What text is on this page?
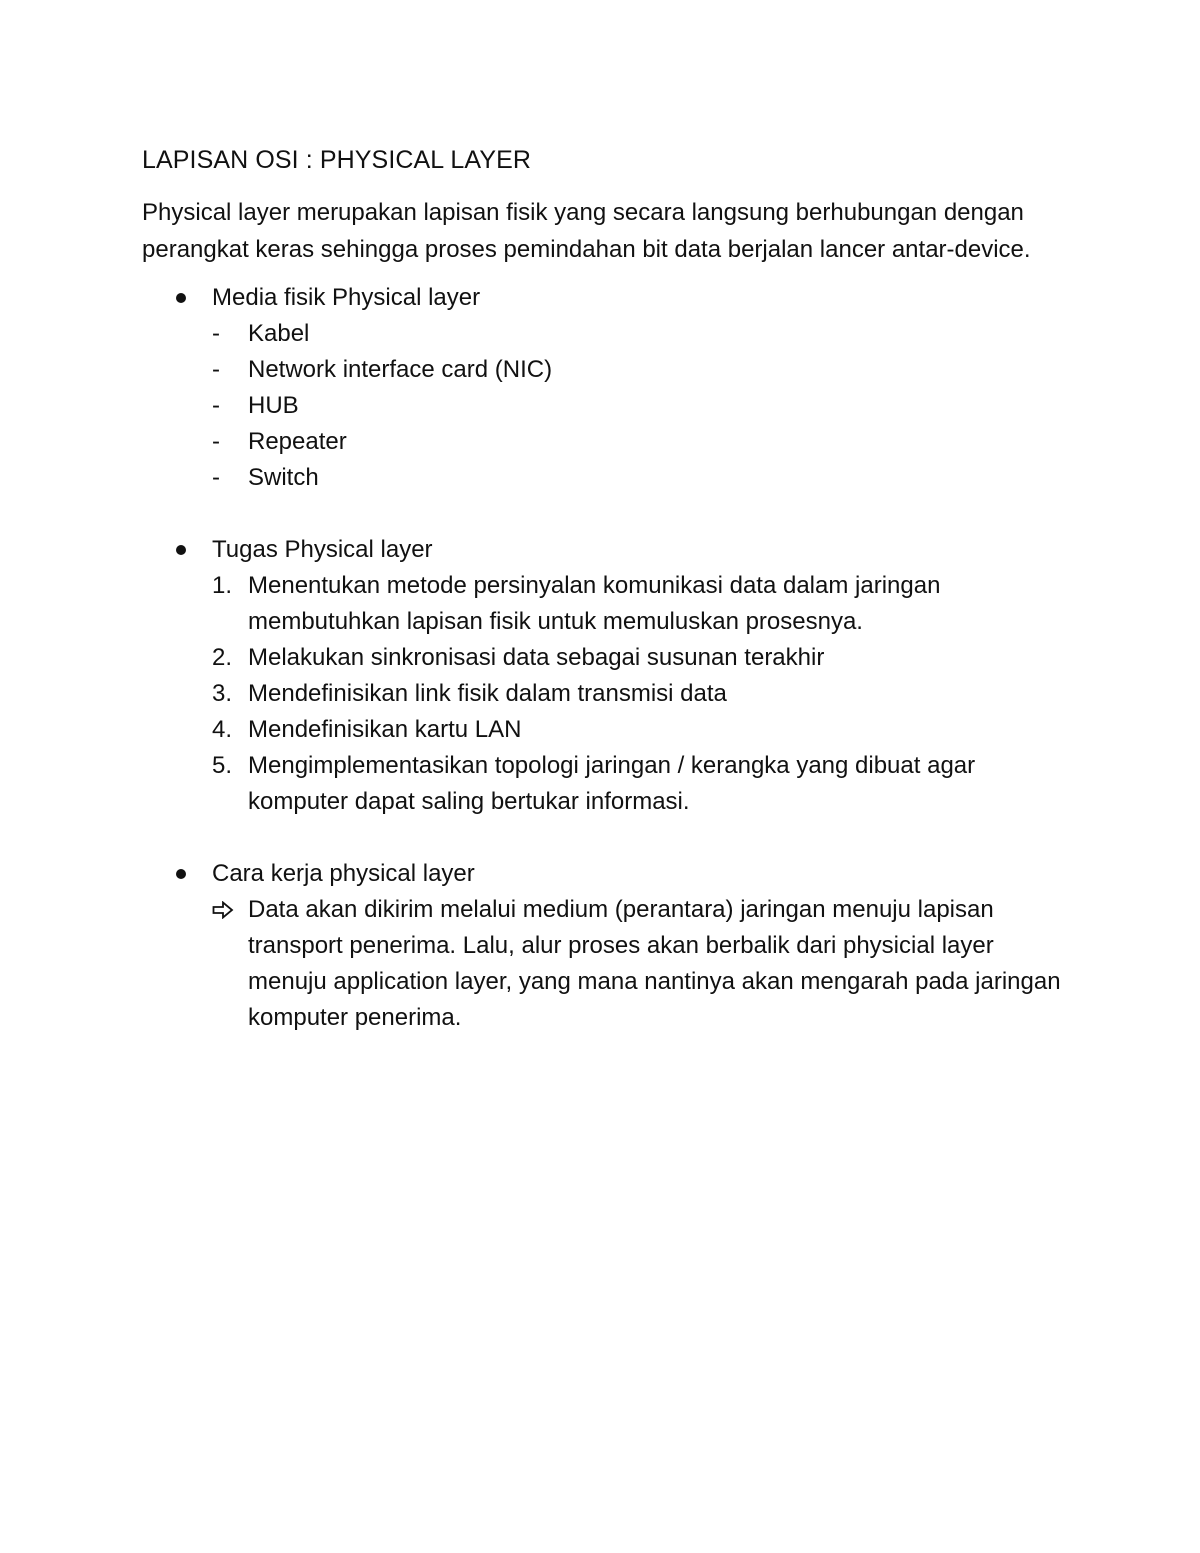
LAPISAN OSI : PHYSICAL LAYER

Physical layer merupakan lapisan fisik yang secara langsung berhubungan dengan perangkat keras sehingga proses pemindahan bit data berjalan lancer antar-device.

Media fisik Physical layer
-	Kabel
-	Network interface card (NIC)
-	HUB
-	Repeater
-	Switch
Tugas Physical layer
1. Menentukan metode persinyalan komunikasi data dalam jaringan membutuhkan lapisan fisik untuk memuluskan prosesnya.
2. Melakukan sinkronisasi data sebagai susunan terakhir
3. Mendefinisikan link fisik dalam transmisi data
4. Mendefinisikan kartu LAN
5. Mengimplementasikan topologi jaringan / kerangka yang dibuat agar komputer dapat saling bertukar informasi.
Cara kerja physical layer
Data akan dikirim melalui medium (perantara) jaringan menuju lapisan transport penerima. Lalu, alur proses akan berbalik dari physicial layer menuju application layer, yang mana nantinya akan mengarah pada jaringan komputer penerima.
